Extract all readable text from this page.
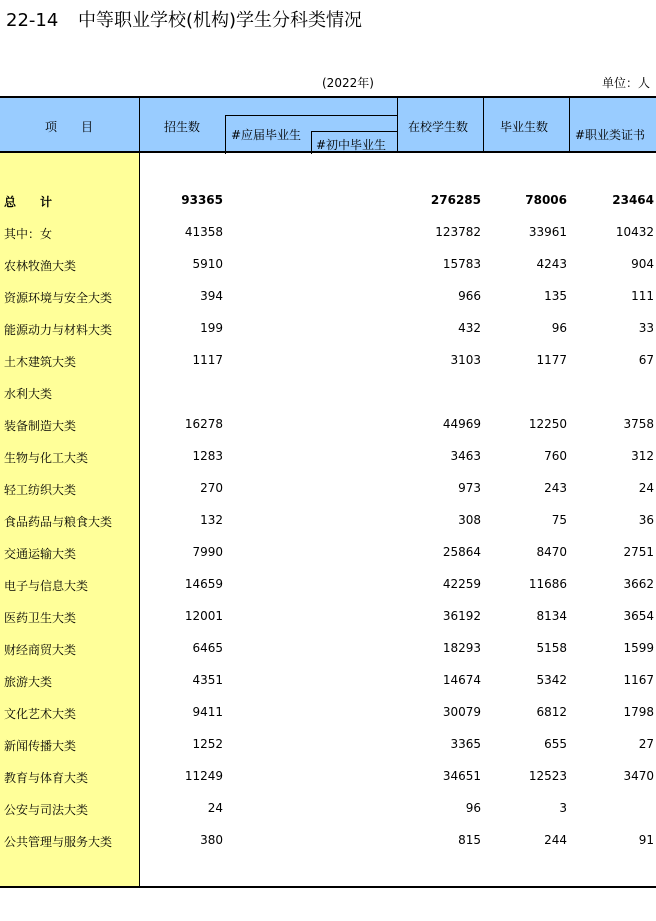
22-14 中等职业学校(机构)学生分科类情况
(2022年)	单位：人
项　　目	招生数
#应届毕业生
#初中毕业生
在校学生数	毕业生数
#职业类证书
总　　计	93365	276285	78006	23464
其中：女	41358	123782	33961	10432
农林牧渔大类	5910	15783	4243	904
资源环境与安全大类	394	966	135	111
能源动力与材料大类	199	432	96	33
土木建筑大类	1117	3103	1177	67
水利大类
装备制造大类	16278	44969	12250	3758
生物与化工大类	1283	3463	760	312
轻工纺织大类	270	973	243	24
食品药品与粮食大类	132	308	75	36
交通运输大类	7990	25864	8470	2751
电子与信息大类	14659	42259	11686	3662
医药卫生大类	12001	36192	8134	3654
财经商贸大类	6465	18293	5158	1599
旅游大类	4351	14674	5342	1167
文化艺术大类	9411	30079	6812	1798
新闻传播大类	1252	3365	655	27
教育与体育大类	11249	34651	12523	3470
公安与司法大类	24	96	3
公共管理与服务大类	380	815	244	91
